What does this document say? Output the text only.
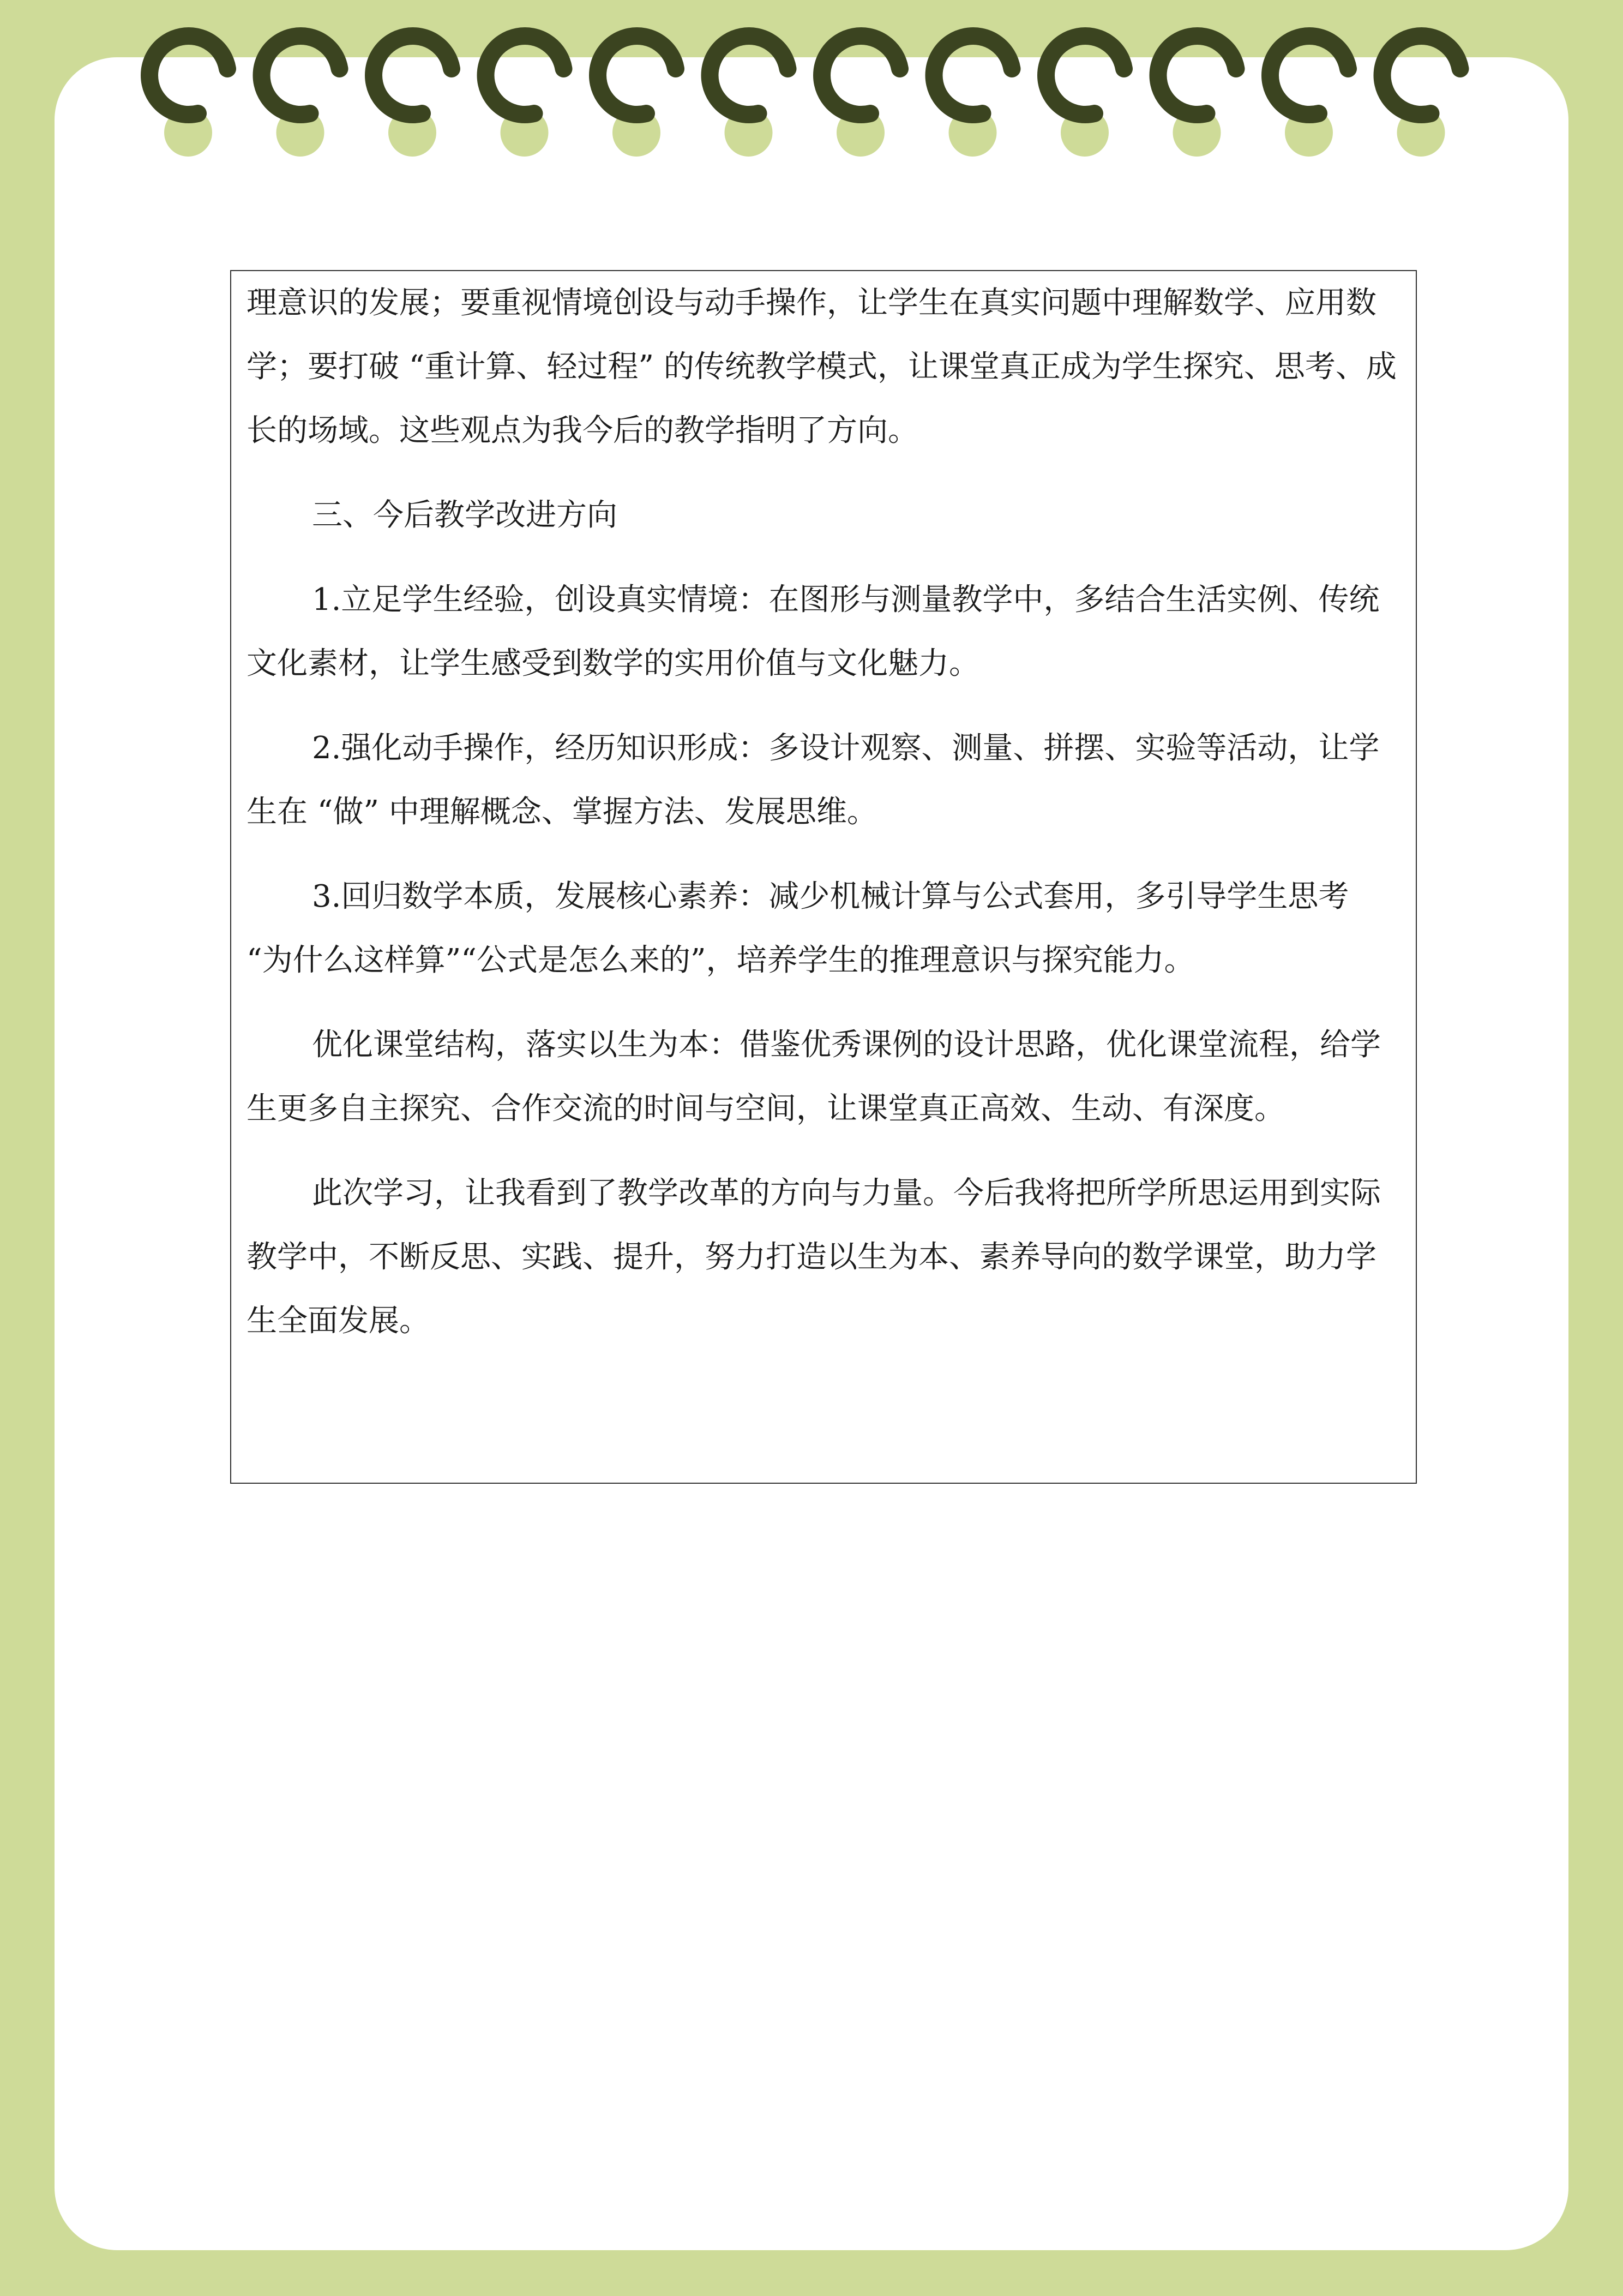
理意识的发展；要重视情境创设与动手操作，让学生在真实问题中理解数学、应用数学；要打破 “重计算、轻过程” 的传统教学模式，让课堂真正成为学生探究、思考、成长的场域。这些观点为我今后的教学指明了方向。

三、今后教学改进方向

1.立足学生经验，创设真实情境：在图形与测量教学中，多结合生活实例、传统文化素材，让学生感受到数学的实用价值与文化魅力。

2.强化动手操作，经历知识形成：多设计观察、测量、拼摆、实验等活动，让学生在 “做” 中理解概念、掌握方法、发展思维。

3.回归数学本质，发展核心素养：减少机械计算与公式套用，多引导学生思考 “为什么这样算”“公式是怎么来的”，培养学生的推理意识与探究能力。

优化课堂结构，落实以生为本：借鉴优秀课例的设计思路，优化课堂流程，给学生更多自主探究、合作交流的时间与空间，让课堂真正高效、生动、有深度。

此次学习，让我看到了教学改革的方向与力量。今后我将把所学所思运用到实际教学中，不断反思、实践、提升，努力打造以生为本、素养导向的数学课堂，助力学生全面发展。
